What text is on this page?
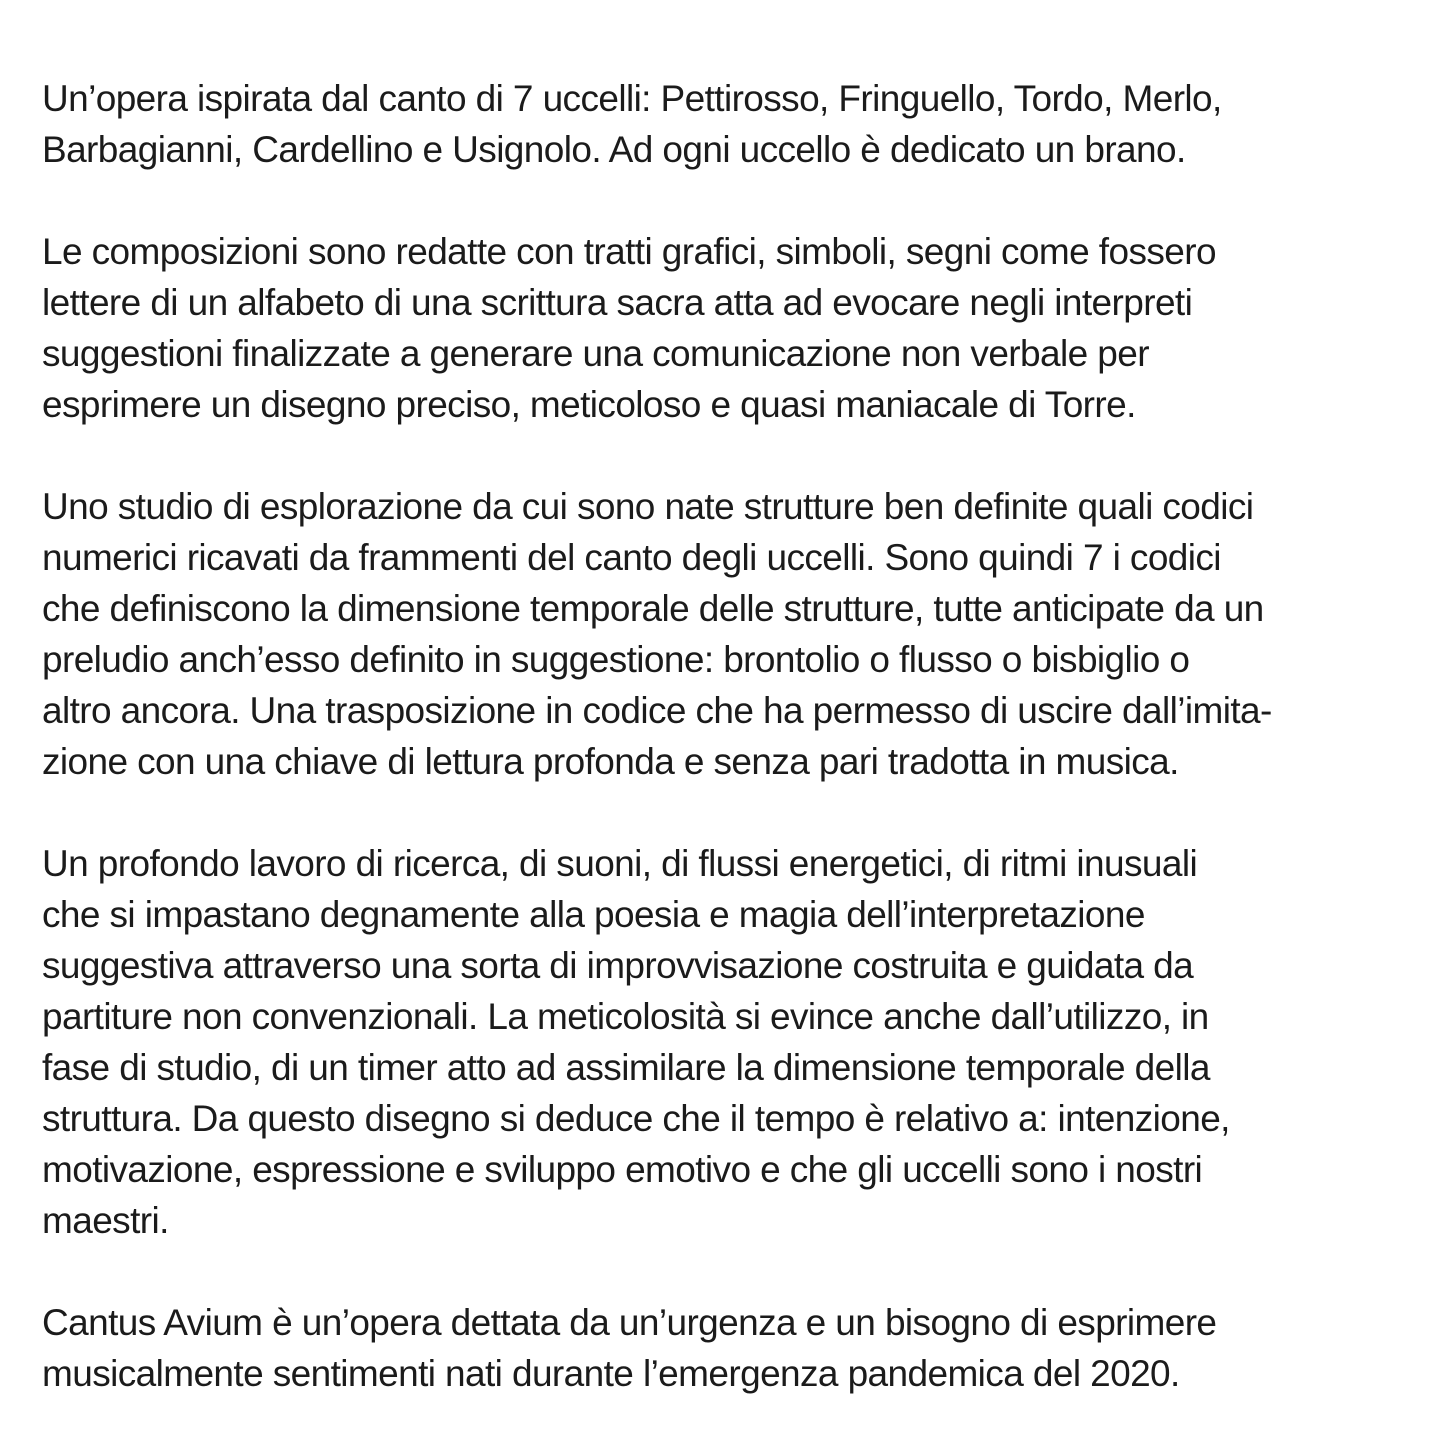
Un’opera ispirata dal canto di 7 uccelli: Pettirosso, Fringuello, Tordo, Merlo,
Barbagianni, Cardellino e Usignolo. Ad ogni uccello è dedicato un brano.

Le composizioni sono redatte con tratti grafici, simboli, segni come fossero
lettere di un alfabeto di una scrittura sacra atta ad evocare negli interpreti
suggestioni finalizzate a generare una comunicazione non verbale per
esprimere un disegno preciso, meticoloso e quasi maniacale di Torre.

Uno studio di esplorazione da cui sono nate strutture ben definite quali codici
numerici ricavati da frammenti del canto degli uccelli. Sono quindi 7 i codici
che definiscono la dimensione temporale delle strutture, tutte anticipate da un
preludio anch’esso definito in suggestione: brontolio o flusso o bisbiglio o
altro ancora. Una trasposizione in codice che ha permesso di uscire dall’imita-
zione con una chiave di lettura profonda e senza pari tradotta in musica.

Un profondo lavoro di ricerca, di suoni, di flussi energetici, di ritmi inusuali
che si impastano degnamente alla poesia e magia dell’interpretazione
suggestiva attraverso una sorta di improvvisazione costruita e guidata da
partiture non convenzionali. La meticolosità si evince anche dall’utilizzo, in
fase di studio, di un timer atto ad assimilare la dimensione temporale della
struttura. Da questo disegno si deduce che il tempo è relativo a: intenzione,
motivazione, espressione e sviluppo emotivo e che gli uccelli sono i nostri
maestri.

Cantus Avium è un’opera dettata da un’urgenza e un bisogno di esprimere
musicalmente sentimenti nati durante l’emergenza pandemica del 2020.
